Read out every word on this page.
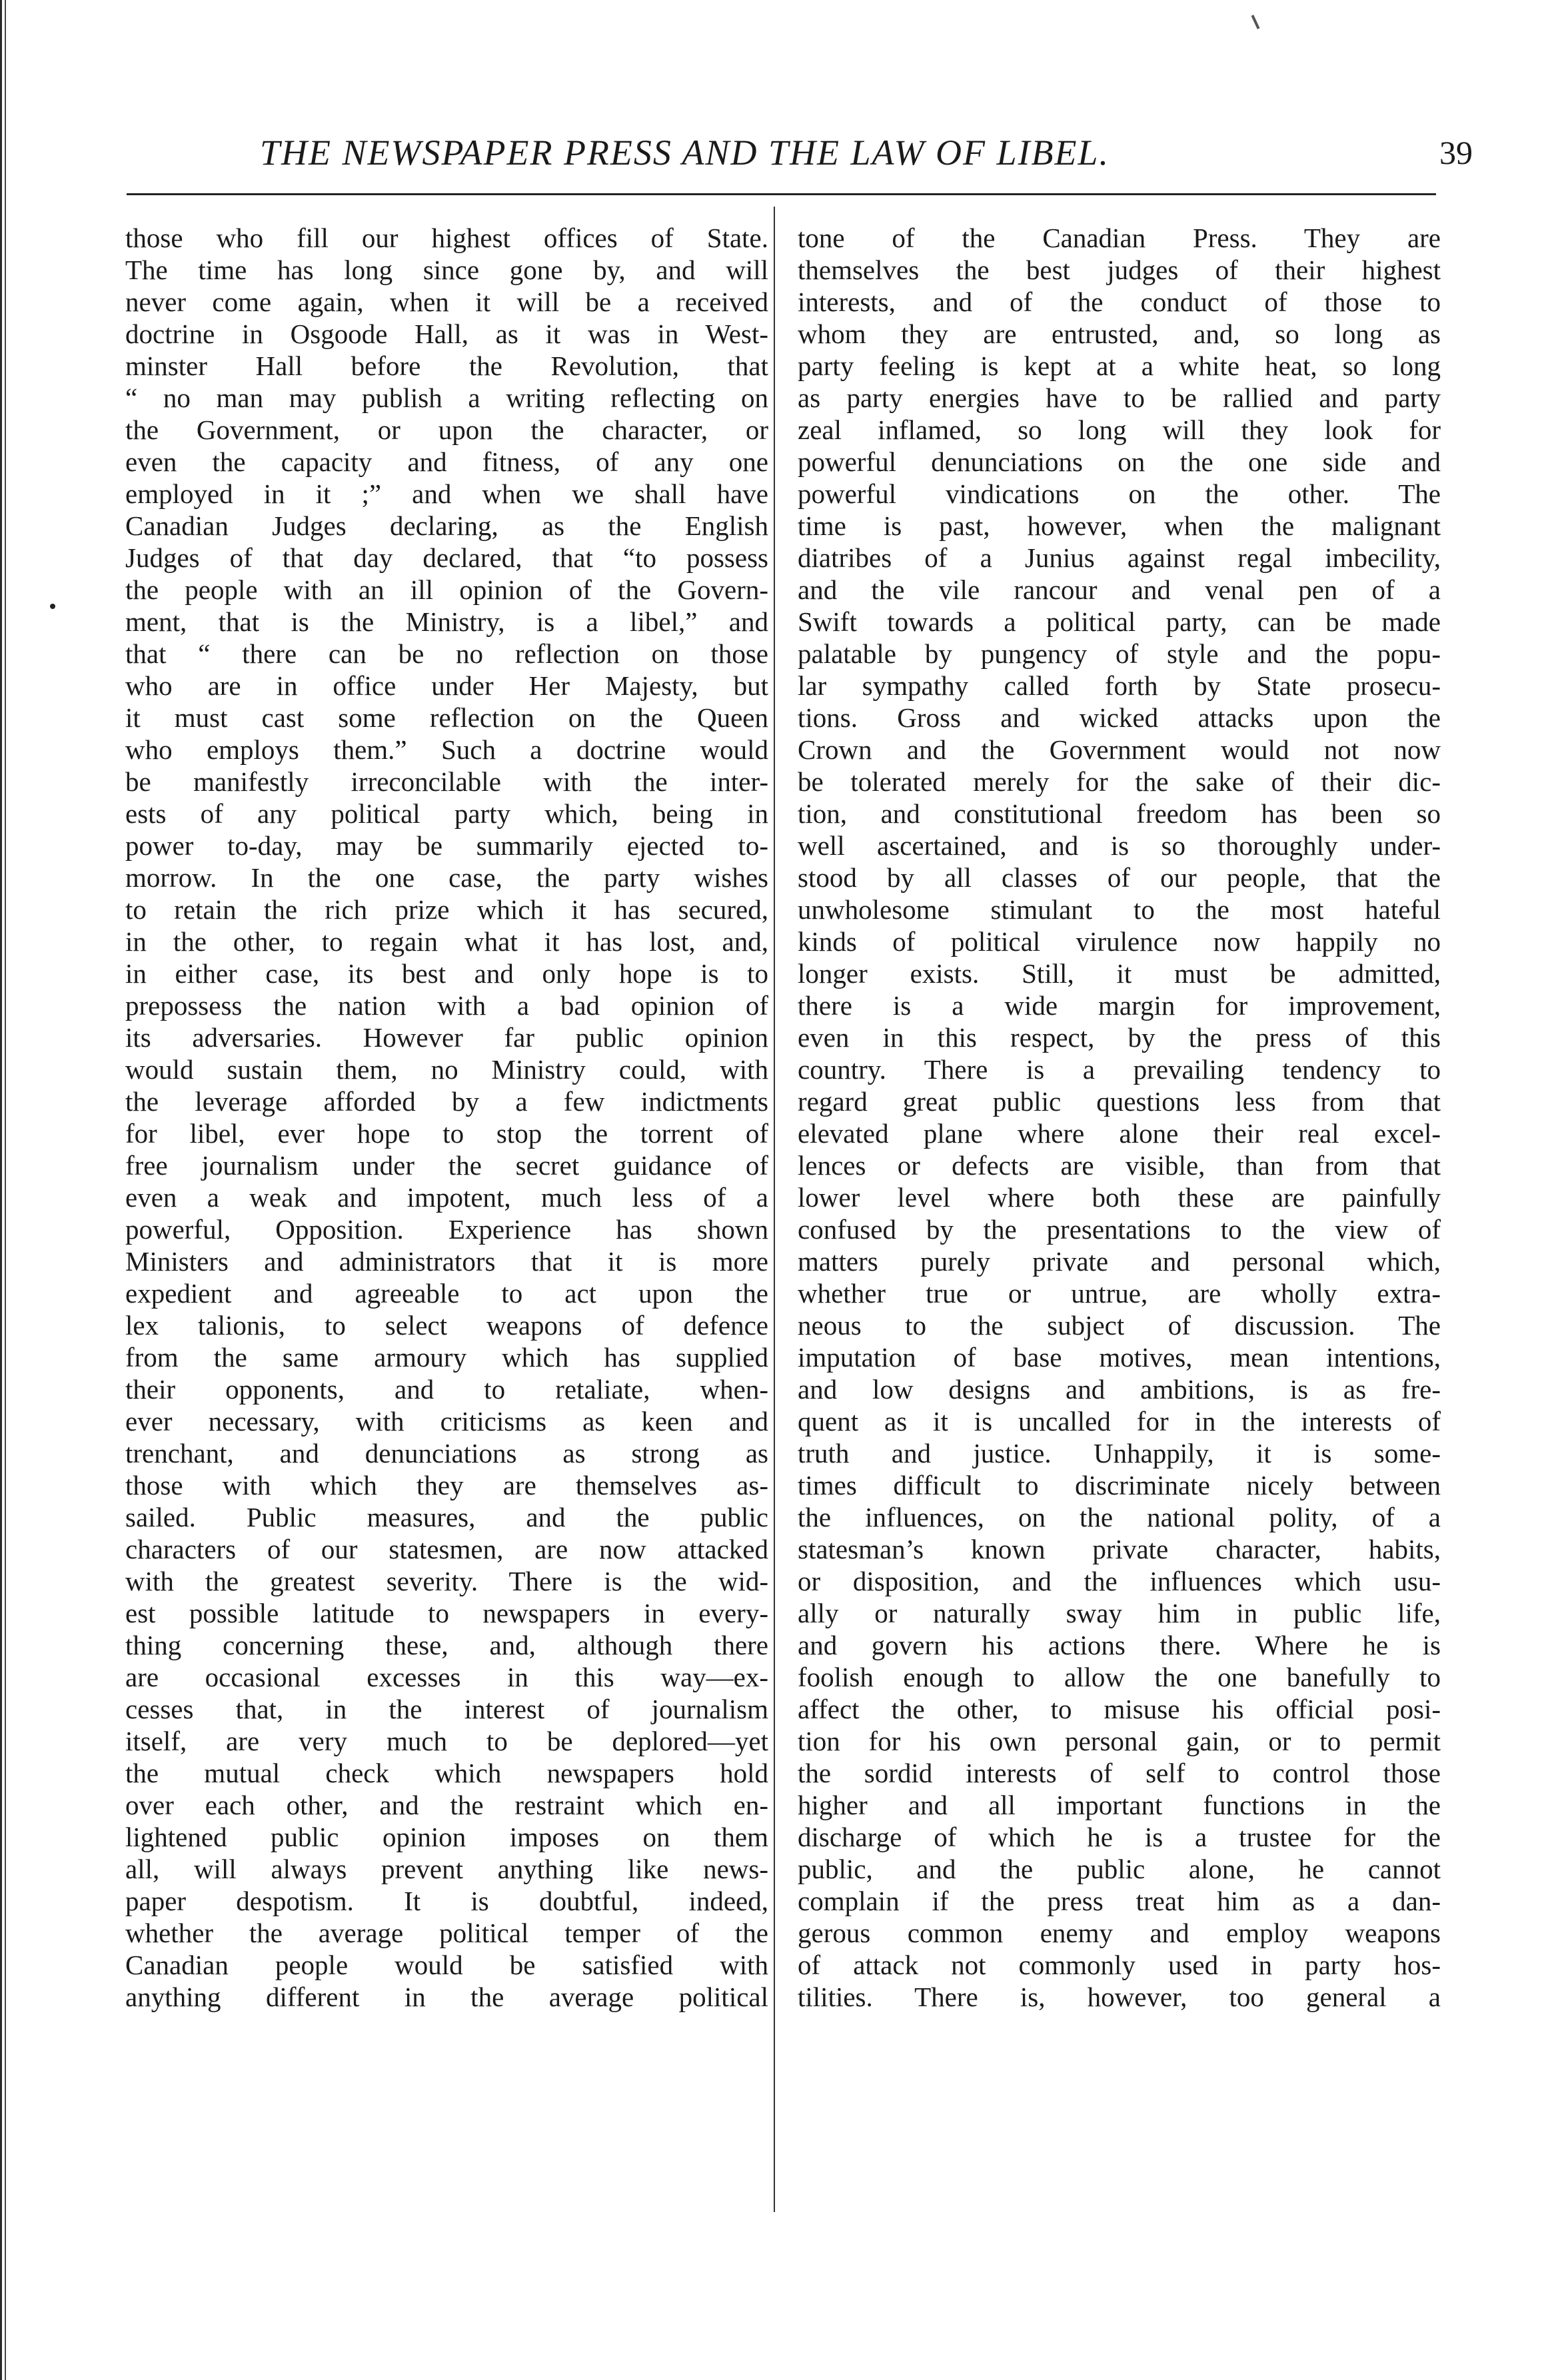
THE NEWSPAPER PRESS AND THE LAW OF LIBEL.	39
those who fill our highest offices of State.
The time has long since gone by, and will
never come again, when it will be a received
doctrine in Osgoode Hall, as it was in West-
minster Hall before the Revolution, that
“ no man may publish a writing reflecting on
the Government, or upon the character, or
even the capacity and fitness, of any one
employed in it ;” and when we shall have
Canadian Judges declaring, as the English
Judges of that day declared, that “to possess
the people with an ill opinion of the Govern-
ment, that is the Ministry, is a libel,” and
that “ there can be no reflection on those
who are in office under Her Majesty, but
it must cast some reflection on the Queen
who employs them.” Such a doctrine would
be manifestly irreconcilable with the inter-
ests of any political party which, being in
power to-day, may be summarily ejected to-
morrow. In the one case, the party wishes
to retain the rich prize which it has secured,
in the other, to regain what it has lost, and,
in either case, its best and only hope is to
prepossess the nation with a bad opinion of
its adversaries. However far public opinion
would sustain them, no Ministry could, with
the leverage afforded by a few indictments
for libel, ever hope to stop the torrent of
free journalism under the secret guidance of
even a weak and impotent, much less of a
powerful, Opposition. Experience has shown
Ministers and administrators that it is more
expedient and agreeable to act upon the
lex talionis, to select weapons of defence
from the same armoury which has supplied
their opponents, and to retaliate, when-
ever necessary, with criticisms as keen and
trenchant, and denunciations as strong as
those with which they are themselves as-
sailed. Public measures, and the public
characters of our statesmen, are now attacked
with the greatest severity. There is the wid-
est possible latitude to newspapers in every-
thing concerning these, and, although there
are occasional excesses in this way—ex-
cesses that, in the interest of journalism
itself, are very much to be deplored—yet
the mutual check which newspapers hold
over each other, and the restraint which en-
lightened public opinion imposes on them
all, will always prevent anything like news-
paper despotism. It is doubtful, indeed,
whether the average political temper of the
Canadian people would be satisfied with
anything different in the average political
tone of the Canadian Press. They are
themselves the best judges of their highest
interests, and of the conduct of those to
whom they are entrusted, and, so long as
party feeling is kept at a white heat, so long
as party energies have to be rallied and party
zeal inflamed, so long will they look for
powerful denunciations on the one side and
powerful vindications on the other. The
time is past, however, when the malignant
diatribes of a Junius against regal imbecility,
and the vile rancour and venal pen of a
Swift towards a political party, can be made
palatable by pungency of style and the popu-
lar sympathy called forth by State prosecu-
tions. Gross and wicked attacks upon the
Crown and the Government would not now
be tolerated merely for the sake of their dic-
tion, and constitutional freedom has been so
well ascertained, and is so thoroughly under-
stood by all classes of our people, that the
unwholesome stimulant to the most hateful
kinds of political virulence now happily no
longer exists. Still, it must be admitted,
there is a wide margin for improvement,
even in this respect, by the press of this
country. There is a prevailing tendency to
regard great public questions less from that
elevated plane where alone their real excel-
lences or defects are visible, than from that
lower level where both these are painfully
confused by the presentations to the view of
matters purely private and personal which,
whether true or untrue, are wholly extra-
neous to the subject of discussion. The
imputation of base motives, mean intentions,
and low designs and ambitions, is as fre-
quent as it is uncalled for in the interests of
truth and justice. Unhappily, it is some-
times difficult to discriminate nicely between
the influences, on the national polity, of a
statesman’s known private character, habits,
or disposition, and the influences which usu-
ally or naturally sway him in public life,
and govern his actions there. Where he is
foolish enough to allow the one banefully to
affect the other, to misuse his official posi-
tion for his own personal gain, or to permit
the sordid interests of self to control those
higher and all important functions in the
discharge of which he is a trustee for the
public, and the public alone, he cannot
complain if the press treat him as a dan-
gerous common enemy and employ weapons
of attack not commonly used in party hos-
tilities. There is, however, too general a
